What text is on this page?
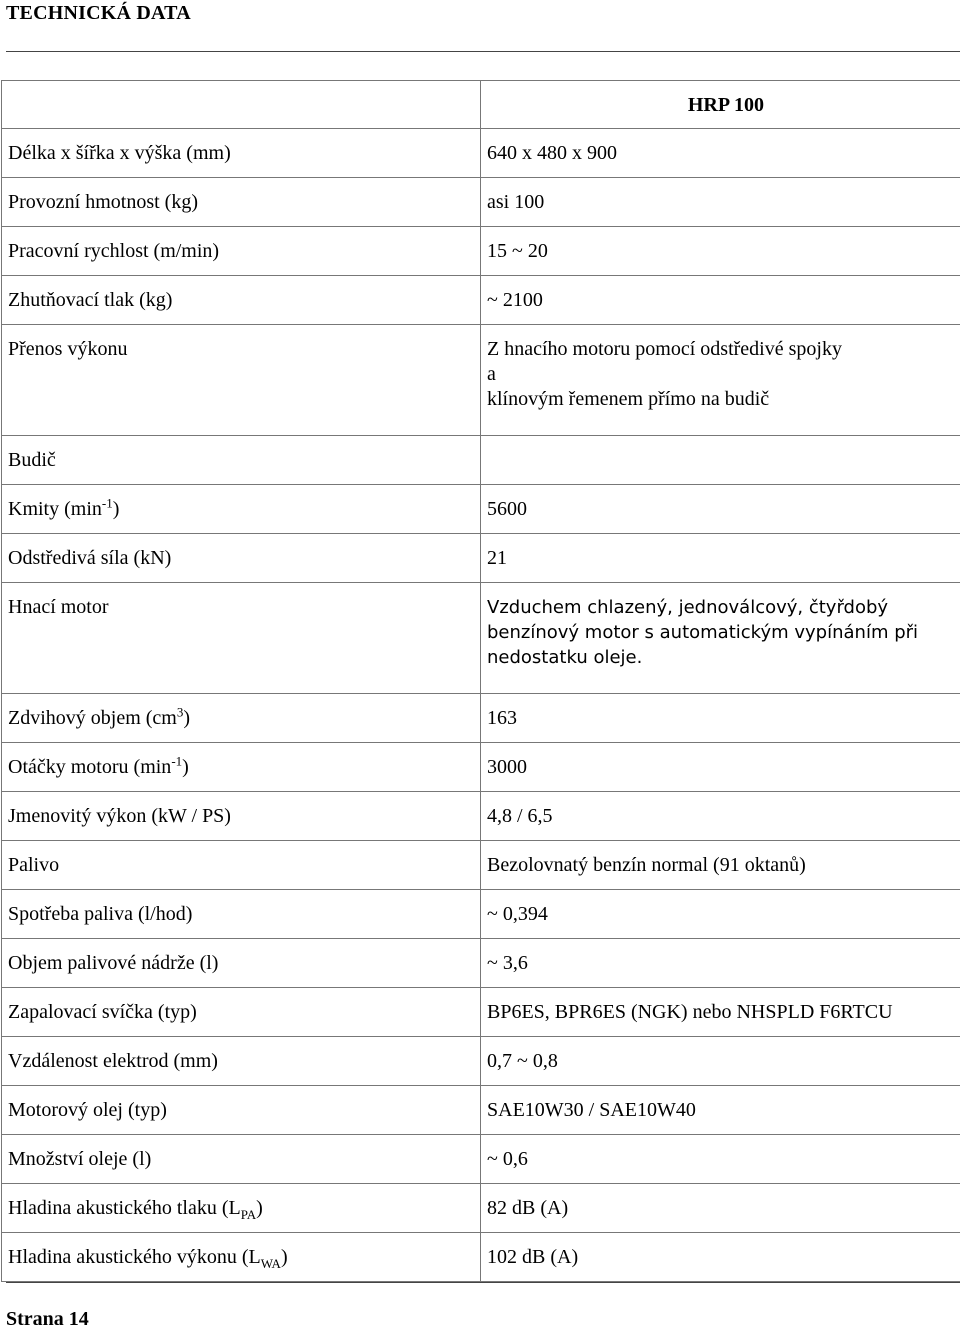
TECHNICKÁ DATA
	HRP 100
Délka x šířka x výška (mm)	640 x 480 x 900
Provozní hmotnost (kg)	asi 100
Pracovní rychlost (m/min)	15 ~ 20
Zhutňovací tlak (kg)	~ 2100
Přenos výkonu	Z hnacího motoru pomocí odstředivé spojky
a
klínovým řemenem přímo na budič

Budič	
Kmity $(\min^{-1})$	5600
Odstředivá síla (kN)	21
Hnací motor	Vzduchem chlazený, jednoválcový, čtyřdobý
benzínový motor s automatickým vypínáním při
nedostatku oleje.

Zdvihový objem $(cm^3)$	163
Otáčky motoru $(\min^{-1})$	3000
Jmenovitý výkon (kW / PS)	4,8 / 6,5
Palivo	Bezolovnatý benzín normal (91 oktanů)
Spotřeba paliva (l/hod)	~ 0,394
Objem palivové nádrže (l)	~ 3,6
Zapalovací svíčka (typ)	BP6ES, BPR6ES (NGK) nebo NHSPLD F6RTCU
Vzdálenost elektrod (mm)	0,7 ~ 0,8
Motorový olej (typ)	SAE10W30 / SAE10W40
Množství oleje (l)	~ 0,6
Hladina akustického tlaku $(L_{PA})$	82 dB (A)
Hladina akustického výkonu $(L_{WA})$	102 dB (A)
Strana 14
